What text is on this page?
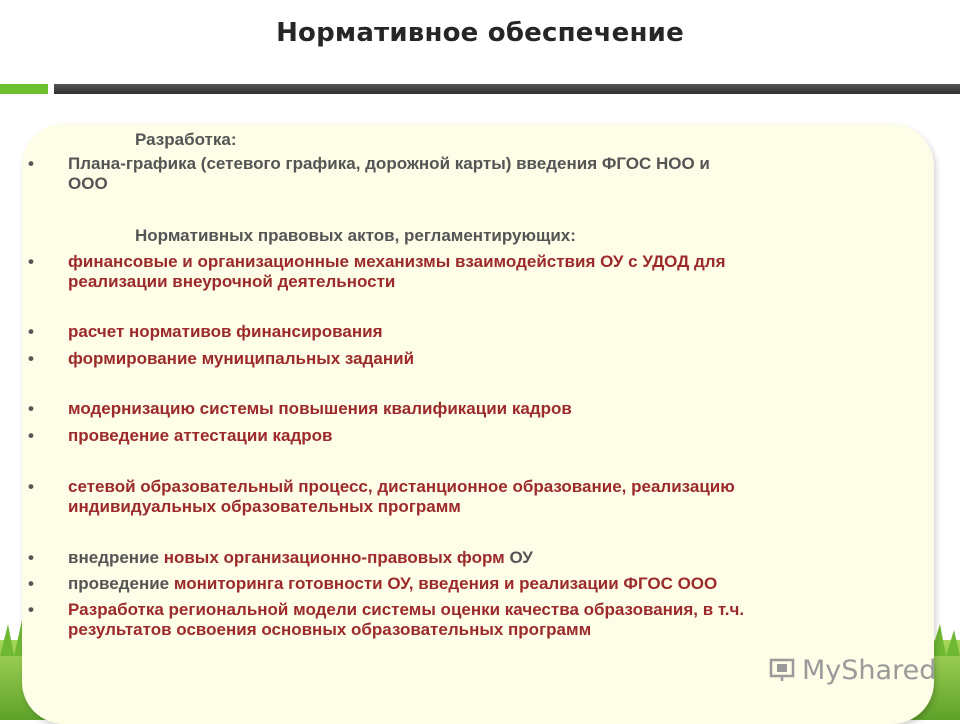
Нормативное обеспечение
Разработка:
• Плана-графика (сетевого графика, дорожной карты) введения ФГОС НОО и
ООО
Нормативных правовых актов, регламентирующих:
• финансовые и организационные механизмы взаимодействия ОУ с УДОД для
реализации внеурочной деятельности
• расчет нормативов финансирования
• формирование муниципальных заданий
• модернизацию системы повышения квалификации кадров
• проведение аттестации кадров
• сетевой образовательный процесс, дистанционное образование, реализацию
индивидуальных образовательных программ
• внедрение новых организационно-правовых форм ОУ
• проведение мониторинга готовности ОУ, введения и реализации ФГОС ООО
• Разработка региональной модели системы оценки качества образования, в т.ч.
результатов освоения основных образовательных программ
MyShared
